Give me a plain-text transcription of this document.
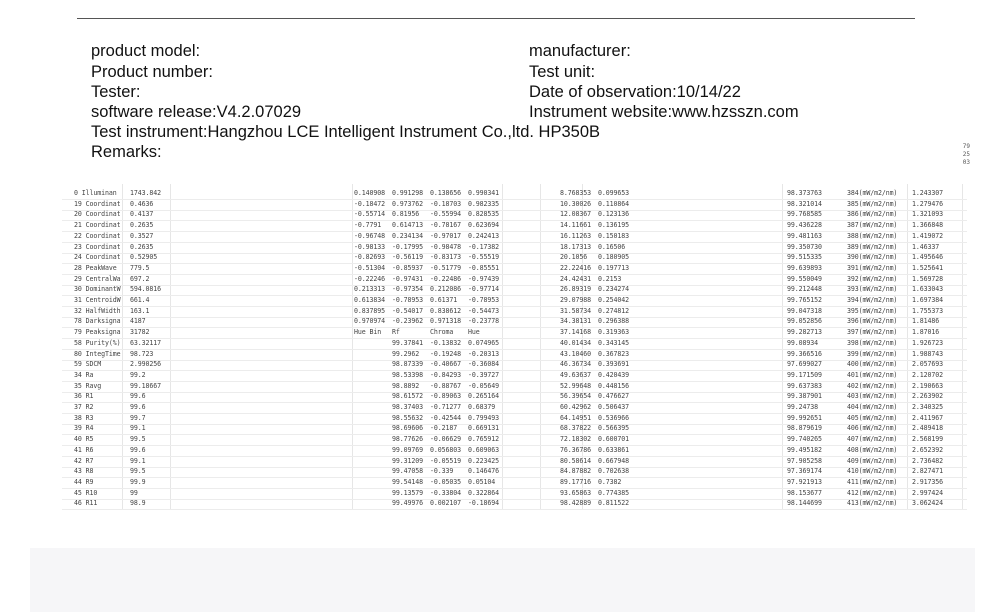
product model:
Product number:
Tester:
software release:V4.2.07029
Test instrument:Hangzhou LCE Intelligent Instrument Co.,ltd. HP350B
Remarks:
manufacturer:
Test unit:
Date of observation:10/14/22
Instrument website:www.hzsszn.com
79
25
03
0 Illuminan 1743.842	0.140908 0.991298 0.138656 0.990341	8.768353 0.099653	98.373763	384(mW/m2/nm) 1.243307
19 Coordinat 0.4636	-0.18472 0.973762 -0.18703 0.982335	10.30026 0.110864	98.321014	385(mW/m2/nm) 1.279476
20 Coordinat 0.4137	-0.55714 0.81956 -0.55994 0.828535	12.08367 0.123136	99.768585	386(mW/m2/nm) 1.321093
21 Coordinat 0.2635	-0.7791 0.614713 -0.78167 0.623694	14.11661 0.136195	99.436228	387(mW/m2/nm) 1.366848
22 Coordinat 0.3527	-0.96748 0.234134 -0.97017 0.242413	16.11263 0.150183	99.481163	388(mW/m2/nm) 1.419072
23 Coordinat 0.2635	-0.98133 -0.17995 -0.98478 -0.17382	18.17313 0.16506	99.350730	389(mW/m2/nm) 1.46337
24 Coordinat 0.52905	-0.82693 -0.56119 -0.83173 -0.55519	20.1056 0.180905	99.515335	390(mW/m2/nm) 1.495646
28 PeakWave 779.5	-0.51304 -0.85937 -0.51779 -0.85551	22.22416 0.197713	99.639893	391(mW/m2/nm) 1.525641
29 CentralWa 697.2	-0.22246 -0.97431 -0.22486 -0.97439	24.42431 0.2153	99.550049	392(mW/m2/nm) 1.569728
30 DominantW 594.0816	0.213313 -0.97354 0.212086 -0.97714	26.89319 0.234274	99.212448	393(mW/m2/nm) 1.633043
31 CentroidW 661.4	0.613834 -0.78953 0.61371 -0.78953	29.07988 0.254042	99.765152	394(mW/m2/nm) 1.697384
32 HalfWidth 163.1	0.837895 -0.54017 0.838612 -0.54473	31.58734 0.274812	99.047318	395(mW/m2/nm) 1.755373
78 Darksigna 4187	0.970974 -0.23962 0.971318 -0.23778	34.38131 0.296388	99.052856	396(mW/m2/nm) 1.81486
79 Peaksigna 31782	Hue Bin Rf	Chroma Hue	37.14168 0.319363	99.282713	397(mW/m2/nm) 1.87016
58 Purity(%) 63.32117	99.37841 -0.13832 0.074965	40.01434 0.343145	99.08934	398(mW/m2/nm) 1.926723
80 IntegTime 98.723	99.2962 -0.19248 -0.20313	43.10460 0.367823	99.366516	399(mW/m2/nm) 1.988743
59 SDCM	2.990256	98.87339 -0.40667 -0.36084	46.36734 0.393691	97.699027	400(mW/m2/nm) 2.057693
34 Ra	99.2	98.53398 -0.84293 -0.39727	49.63637 0.420439	99.171509	401(mW/m2/nm) 2.120702
35 Ravg	99.18667	98.8892 -0.88767 -0.05649	52.99648 0.448156	99.637383	402(mW/m2/nm) 2.190663
36 R1	99.6	98.61572 -0.89063 0.265164	56.39654 0.476627	99.387901	403(mW/m2/nm) 2.263902
37 R2	99.6	98.37403 -0.71277 0.68379	60.42962 0.506437	99.24738	404(mW/m2/nm) 2.340325
38 R3	99.7	98.55632 -0.42544 0.799493	64.14951 0.536966	99.992651	405(mW/m2/nm) 2.411967
39 R4	99.1	98.69606 -0.2187 0.669131	68.37822 0.566395	98.879619	406(mW/m2/nm) 2.489418
40 R5	99.5	98.77626 -0.06629 0.765912	72.18302 0.600701	99.740265	407(mW/m2/nm) 2.568199
41 R6	99.6	99.09769 0.056803 0.609063	76.36786 0.633861	99.495182	408(mW/m2/nm) 2.652392
42 R7	99.1	99.31209 -0.05519 0.223425	80.58614 0.667948	97.905258	409(mW/m2/nm) 2.736482
43 R8	99.5	99.47058 -0.339 0.146476	84.87882 0.702638	97.369174	410(mW/m2/nm) 2.827471
44 R9	99.9	99.54148 -0.05035 0.05104	89.17716 0.7382	97.921913	411(mW/m2/nm) 2.917356
45 R10	99	99.13579 -0.33804 0.322864	93.65863 0.774385	98.153677	412(mW/m2/nm) 2.997424
46 R11	98.9	99.49976 0.002107 -0.18694	98.42889 0.811522	98.144699	413(mW/m2/nm) 3.062424
